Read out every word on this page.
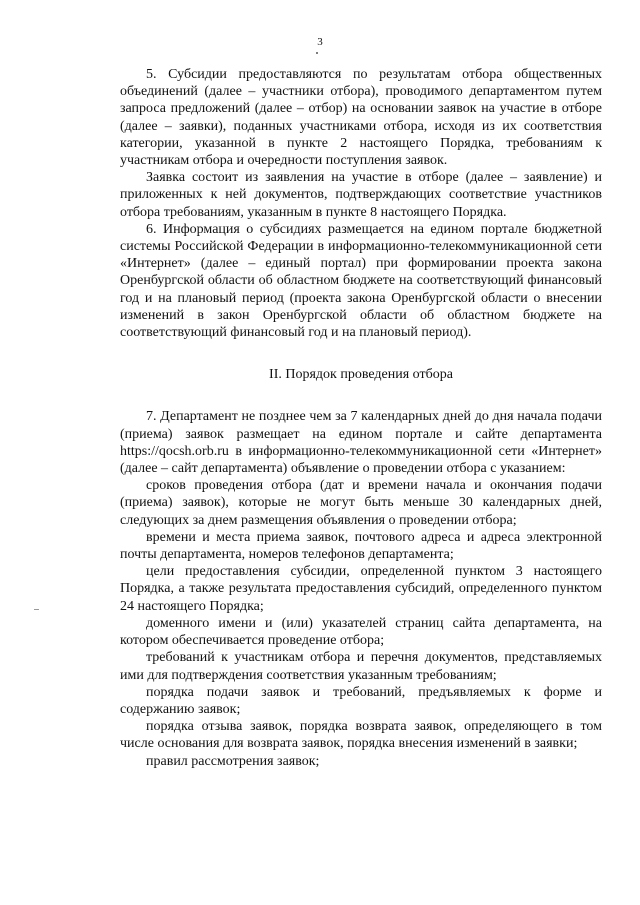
3

5. Субсидии предоставляются по результатам отбора общественных объединений (далее – участники отбора), проводимого департаментом путем запроса предложений (далее – отбор) на основании заявок на участие в отборе (далее – заявки), поданных участниками отбора, исходя из их соответствия категории, указанной в пункте 2 настоящего Порядка, требованиям к участникам отбора и очередности поступления заявок.

Заявка состоит из заявления на участие в отборе (далее – заявление) и приложенных к ней документов, подтверждающих соответствие участников отбора требованиям, указанным в пункте 8 настоящего Порядка.

6. Информация о субсидиях размещается на едином портале бюджетной системы Российской Федерации в информационно-телекоммуникационной сети «Интернет» (далее – единый портал) при формировании проекта закона Оренбургской области об областном бюджете на соответствующий финансовый год и на плановый период (проекта закона Оренбургской области о внесении изменений в закон Оренбургской области об областном бюджете на соответствующий финансовый год и на плановый период).

II. Порядок проведения отбора

7. Департамент не позднее чем за 7 календарных дней до дня начала подачи (приема) заявок размещает на едином портале и сайте департамента https://qocsh.orb.ru в информационно-телекоммуникационной сети «Интернет» (далее – сайт департамента) объявление о проведении отбора с указанием:

сроков проведения отбора (дат и времени начала и окончания подачи (приема) заявок), которые не могут быть меньше 30 календарных дней, следующих за днем размещения объявления о проведении отбора;

времени и места приема заявок, почтового адреса и адреса электронной почты департамента, номеров телефонов департамента;

цели предоставления субсидии, определенной пунктом 3 настоящего Порядка, а также результата предоставления субсидий, определенного пунктом 24 настоящего Порядка;

доменного имени и (или) указателей страниц сайта департамента, на котором обеспечивается проведение отбора;

требований к участникам отбора и перечня документов, представляемых ими для подтверждения соответствия указанным требованиям;

порядка подачи заявок и требований, предъявляемых к форме и содержанию заявок;

порядка отзыва заявок, порядка возврата заявок, определяющего в том числе основания для возврата заявок, порядка внесения изменений в заявки;

правил рассмотрения заявок;
